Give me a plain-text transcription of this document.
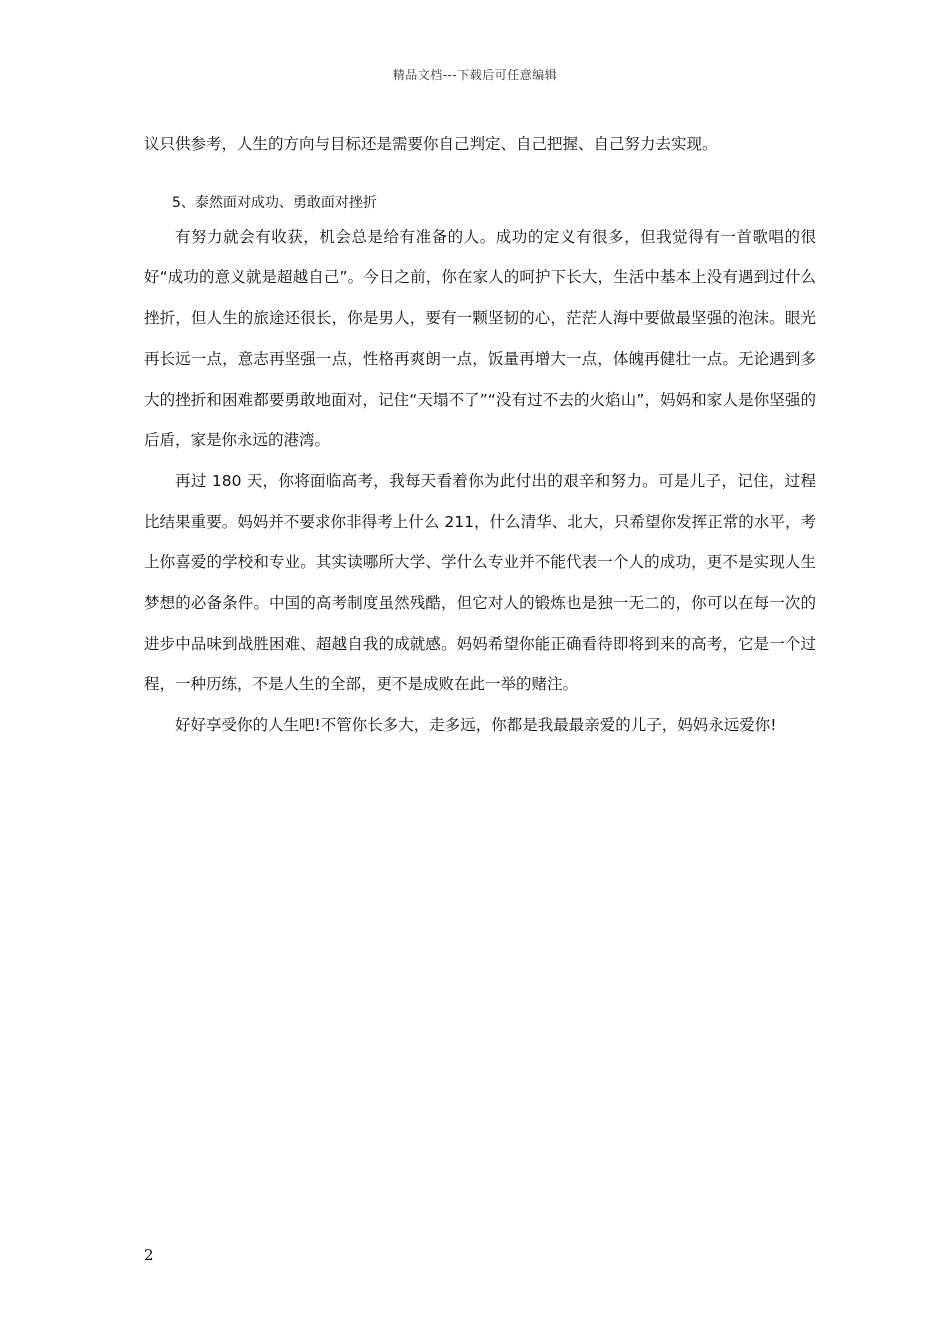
精品文档---下载后可任意编辑

议只供参考，人生的方向与目标还是需要你自己判定、自己把握、自己努力去实现。

5、泰然面对成功、勇敢面对挫折

有努力就会有收获，机会总是给有准备的人。成功的定义有很多，但我觉得有一首歌唱的很好“成功的意义就是超越自己”。今日之前，你在家人的呵护下长大，生活中基本上没有遇到过什么挫折，但人生的旅途还很长，你是男人，要有一颗坚韧的心，茫茫人海中要做最坚强的泡沫。眼光再长远一点，意志再坚强一点，性格再爽朗一点，饭量再增大一点，体魄再健壮一点。无论遇到多大的挫折和困难都要勇敢地面对，记住“天塌不了”“没有过不去的火焰山”，妈妈和家人是你坚强的后盾，家是你永远的港湾。

再过 180 天，你将面临高考，我每天看着你为此付出的艰辛和努力。可是儿子，记住，过程比结果重要。妈妈并不要求你非得考上什么 211，什么清华、北大，只希望你发挥正常的水平，考上你喜爱的学校和专业。其实读哪所大学、学什么专业并不能代表一个人的成功，更不是实现人生梦想的必备条件。中国的高考制度虽然残酷，但它对人的锻炼也是独一无二的，你可以在每一次的进步中品味到战胜困难、超越自我的成就感。妈妈希望你能正确看待即将到来的高考，它是一个过程，一种历练，不是人生的全部，更不是成败在此一举的赌注。

好好享受你的人生吧!不管你长多大，走多远，你都是我最最亲爱的儿子，妈妈永远爱你!

2
